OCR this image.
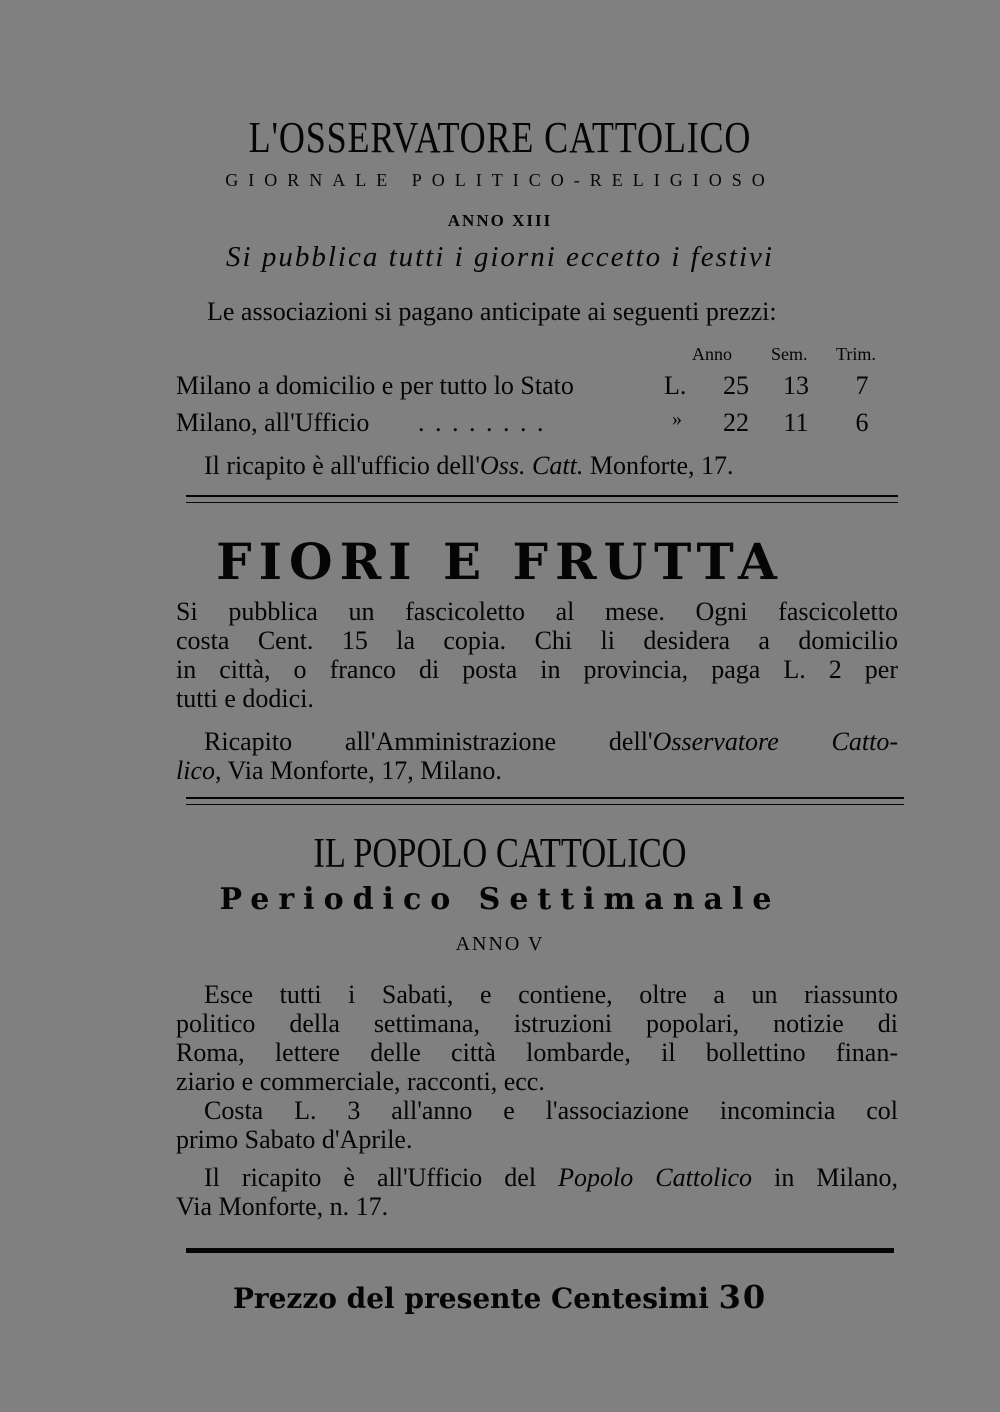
L'OSSERVATORE CATTOLICO
GIORNALE POLITICO-RELIGIOSO
ANNO XIII
Si pubblica tutti i giorni eccetto i festivi
Le associazioni si pagano anticipate ai seguenti prezzi:
Anno Sem. Trim.
Milano a domicilio e per tutto lo Stato	L.	25	13	7
Milano, all'Ufficio . . . . . . . .	»	22	11	6
Il ricapito è all'ufficio dell'Oss. Catt. Monforte, 17.
FIORI E FRUTTA
Si pubblica un fascicoletto al mese. Ogni fascicoletto
costa Cent. 15 la copia. Chi li desidera a domicilio
in città, o franco di posta in provincia, paga L. 2 per
tutti e dodici.
Ricapito all'Amministrazione dell'Osservatore Catto-
lico, Via Monforte, 17, Milano.
IL POPOLO CATTOLICO
Periodico Settimanale
ANNO V
Esce tutti i Sabati, e contiene, oltre a un riassunto
politico della settimana, istruzioni popolari, notizie di
Roma, lettere delle città lombarde, il bollettino finan-
ziario e commerciale, racconti, ecc.
Costa L. 3 all'anno e l'associazione incomincia col
primo Sabato d'Aprile.
Il ricapito è all'Ufficio del Popolo Cattolico in Milano,
Via Monforte, n. 17.
Prezzo del presente Centesimi 30
